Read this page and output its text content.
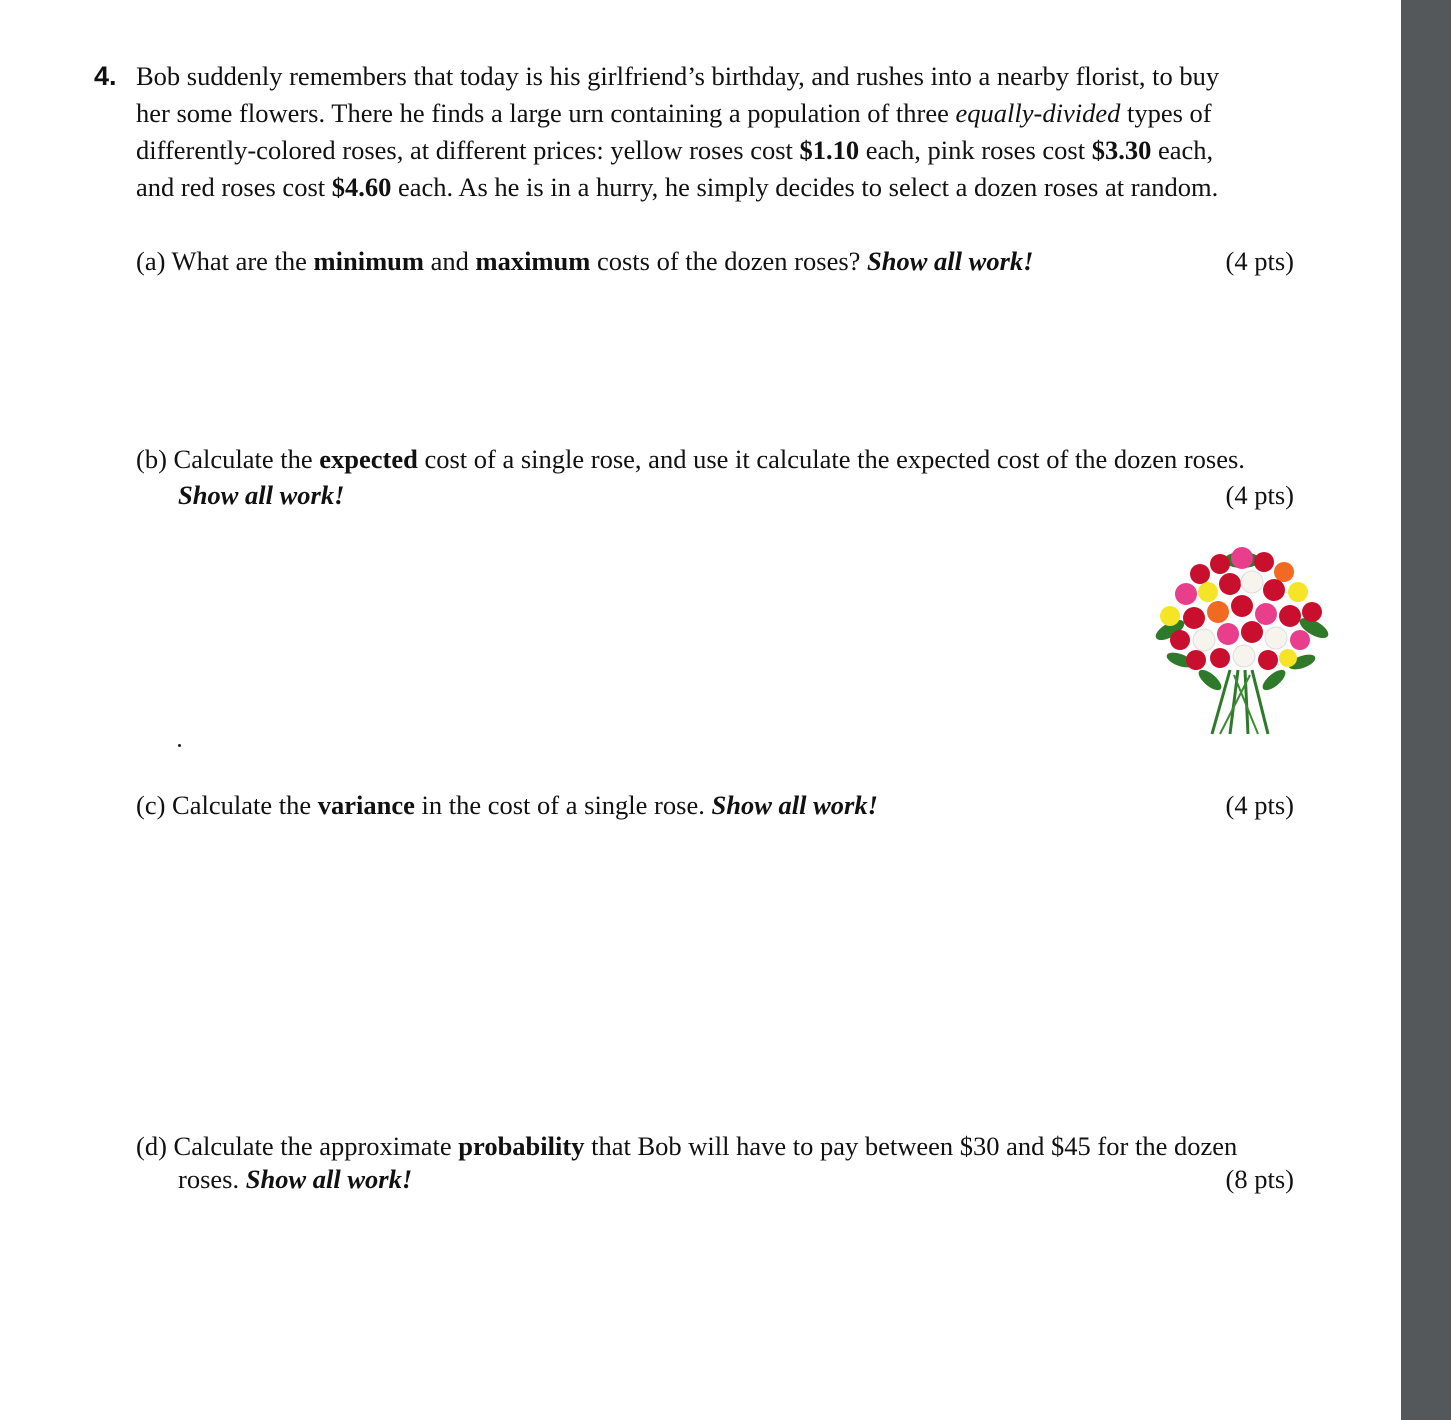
4. Bob suddenly remembers that today is his girlfriend’s birthday, and rushes into a nearby florist, to buy
her some flowers. There he finds a large urn containing a population of three equally-divided types of
differently-colored roses, at different prices: yellow roses cost $1.10 each, pink roses cost $3.30 each,
and red roses cost $4.60 each. As he is in a hurry, he simply decides to select a dozen roses at random.
(a) What are the minimum and maximum costs of the dozen roses? Show all work!	(4 pts)
(b) Calculate the expected cost of a single rose, and use it calculate the expected cost of the dozen roses.
Show all work!	(4 pts)
(c) Calculate the variance in the cost of a single rose. Show all work!	(4 pts)
(d) Calculate the approximate probability that Bob will have to pay between $30 and $45 for the dozen
roses. Show all work!	(8 pts)
